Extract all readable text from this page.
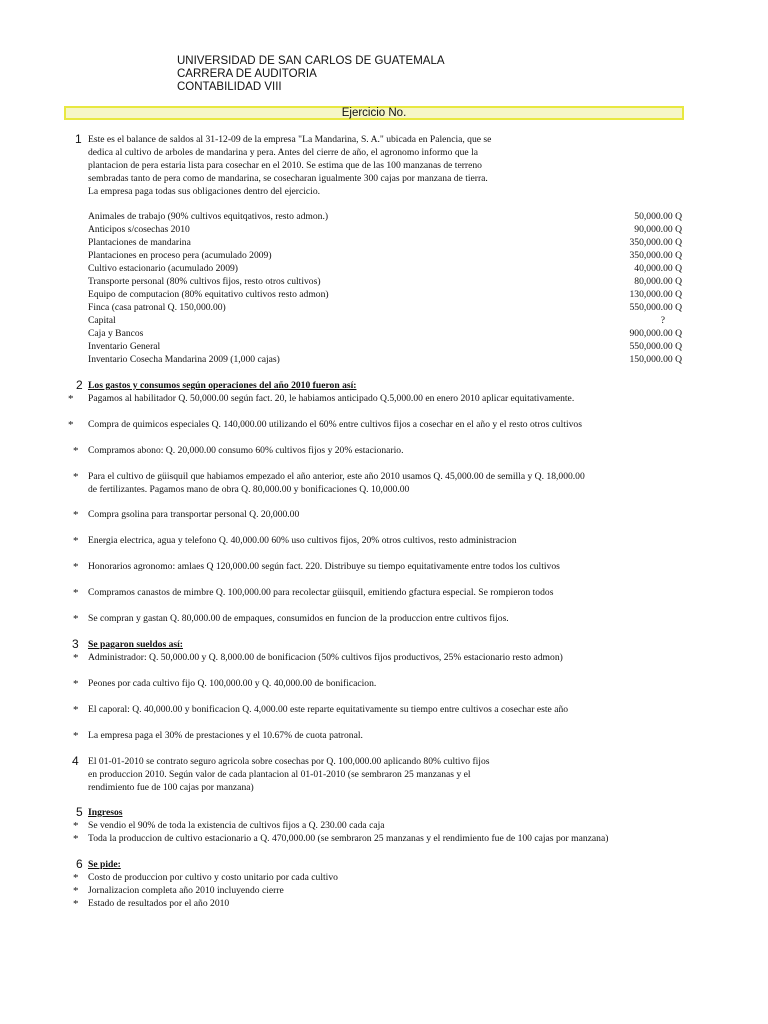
UNIVERSIDAD DE SAN CARLOS DE GUATEMALA
CARRERA DE AUDITORIA
CONTABILIDAD VIII
Ejercicio No.
1 Este es el balance de saldos al 31-12-09 de la empresa "La Mandarina, S. A." ubicada en Palencia, que se
dedica al cultivo de arboles de mandarina y pera. Antes del cierre de año, el agronomo informo que la
plantacion de pera estaria lista para cosechar en el 2010. Se estima que de las 100 manzanas de terreno
sembradas tanto de pera como de mandarina, se cosecharan igualmente 300 cajas por manzana de tierra.
La empresa paga todas sus obligaciones dentro del ejercicio.
Animales de trabajo (90% cultivos equitqativos, resto admon.)	50,000.00 Q
Anticipos s/cosechas 2010	90,000.00 Q
Plantaciones de mandarina	350,000.00 Q
Plantaciones en proceso pera (acumulado 2009)	350,000.00 Q
Cultivo estacionario (acumulado 2009)	40,000.00 Q
Transporte personal (80% cultivos fijos, resto otros cultivos)	80,000.00 Q
Equipo de computacion (80% equitativo cultivos resto admon)	130,000.00 Q
Finca (casa patronal Q. 150,000.00)	550,000.00 Q
Capital	?
Caja y Bancos	900,000.00 Q
Inventario General	550,000.00 Q
Inventario Cosecha Mandarina 2009 (1,000 cajas)	150,000.00 Q
2 Los gastos y consumos según operaciones del año 2010 fueron así:
* Pagamos al habilitador Q. 50,000.00 según fact. 20, le habiamos anticipado Q.5,000.00 en enero 2010 aplicar equitativamente.
* Compra de quimicos especiales Q. 140,000.00 utilizando el 60% entre cultivos fijos a cosechar en el año y el resto otros cultivos
* Compramos abono: Q. 20,000.00 consumo 60% cultivos fijos y 20% estacionario.
* Para el cultivo de güisquil que habiamos empezado el año anterior, este año 2010 usamos Q. 45,000.00 de semilla y Q. 18,000.00
de fertilizantes. Pagamos mano de obra Q. 80,000.00 y bonificaciones Q. 10,000.00
* Compra gsolina para transportar personal Q. 20,000.00
* Energia electrica, agua y telefono Q. 40,000.00 60% uso cultivos fijos, 20% otros cultivos, resto administracion
* Honorarios agronomo: amlaes Q 120,000.00 según fact. 220. Distribuye su tiempo equitativamente entre todos los cultivos
* Compramos canastos de mimbre Q. 100,000.00 para recolectar güisquil, emitiendo gfactura especial. Se rompieron todos
* Se compran y gastan Q. 80,000.00 de empaques, consumidos en funcion de la produccion entre cultivos fijos.
3 Se pagaron sueldos así:
* Administrador: Q. 50,000.00 y Q. 8,000.00 de bonificacion (50% cultivos fijos productivos, 25% estacionario resto admon)
* Peones por cada cultivo fijo Q. 100,000.00 y Q. 40,000.00 de bonificacion.
* El caporal: Q. 40,000.00 y bonificacion Q. 4,000.00 este reparte equitativamente su tiempo entre cultivos a cosechar este año
* La empresa paga el 30% de prestaciones y el 10.67% de cuota patronal.
4 El 01-01-2010 se contrato seguro agricola sobre cosechas por Q. 100,000.00 aplicando 80% cultivo fijos
en produccion 2010. Según valor de cada plantacion al 01-01-2010 (se sembraron 25 manzanas y el
rendimiento fue de 100 cajas por manzana)
5 Ingresos
* Se vendio el 90% de toda la existencia de cultivos fijos a Q. 230.00 cada caja
* Toda la produccion de cultivo estacionario a Q. 470,000.00 (se sembraron 25 manzanas y el rendimiento fue de 100 cajas por manzana)
6 Se pide:
* Costo de produccion por cultivo y costo unitario por cada cultivo
* Jornalizacion completa año 2010 incluyendo cierre
* Estado de resultados por el año 2010
